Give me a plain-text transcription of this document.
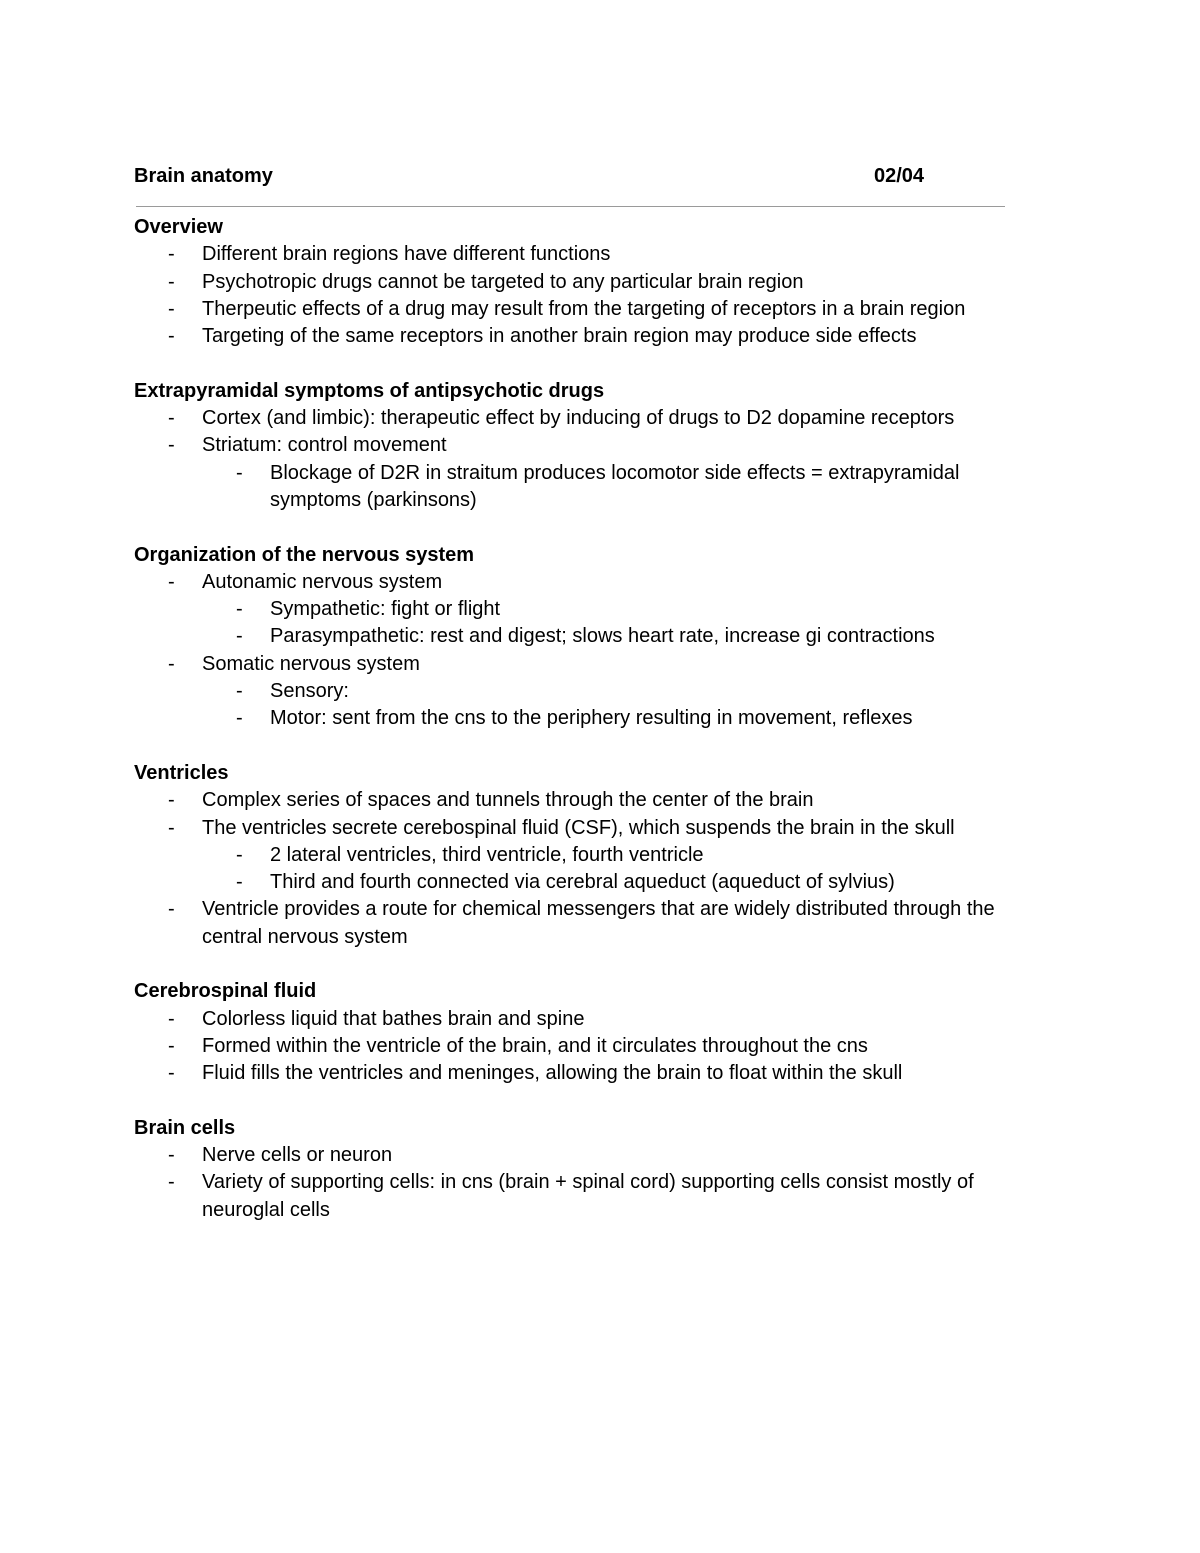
Brain anatomy	02/04
Overview
- Different brain regions have different functions
- Psychotropic drugs cannot be targeted to any particular brain region
- Therpeutic effects of a drug may result from the targeting of receptors in a brain region
- Targeting of the same receptors in another brain region may produce side effects
Extrapyramidal symptoms of antipsychotic drugs
- Cortex (and limbic): therapeutic effect by inducing of drugs to D2 dopamine receptors
- Striatum: control movement
- Blockage of D2R in straitum produces locomotor side effects = extrapyramidal symptoms (parkinsons)
Organization of the nervous system
- Autonamic nervous system
- Sympathetic: fight or flight
- Parasympathetic: rest and digest; slows heart rate, increase gi contractions
- Somatic nervous system
- Sensory:
- Motor: sent from the cns to the periphery resulting in movement, reflexes
Ventricles
- Complex series of spaces and tunnels through the center of the brain
- The ventricles secrete cerebospinal fluid (CSF), which suspends the brain in the skull
- 2 lateral ventricles, third ventricle, fourth ventricle
- Third and fourth connected via cerebral aqueduct (aqueduct of sylvius)
- Ventricle provides a route for chemical messengers that are widely distributed through the central nervous system
Cerebrospinal fluid
- Colorless liquid that bathes brain and spine
- Formed within the ventricle of the brain, and it circulates throughout the cns
- Fluid fills the ventricles and meninges, allowing the brain to float within the skull
Brain cells
- Nerve cells or neuron
- Variety of supporting cells: in cns (brain + spinal cord) supporting cells consist mostly of neuroglal cells
